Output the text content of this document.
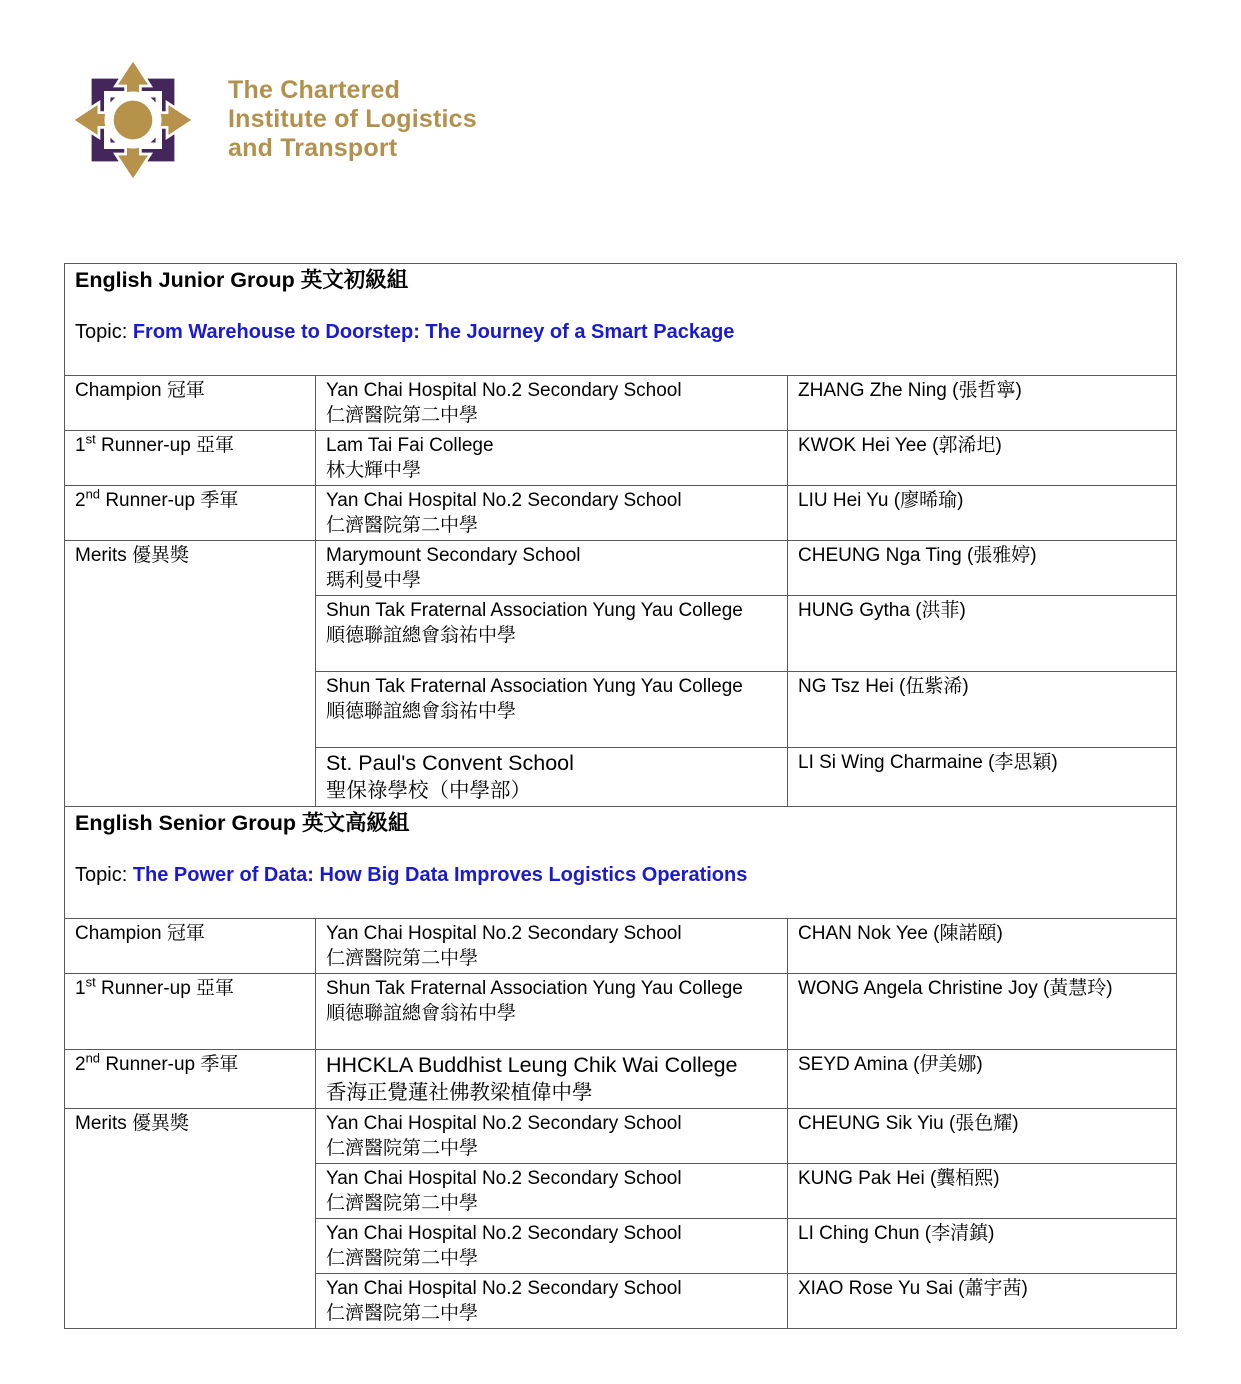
The Chartered
Institute of Logistics
and Transport
English Junior Group 英文初級組
Topic: From Warehouse to Doorstep: The Journey of a Smart Package		

Champion 冠軍	Yan Chai Hospital No.2 Secondary School
仁濟醫院第二中學	ZHANG Zhe Ning (張哲寧)
1st Runner-up 亞軍	Lam Tai Fai College
林大輝中學	KWOK Hei Yee (郭浠圯)
2nd Runner-up 季軍	Yan Chai Hospital No.2 Secondary School
仁濟醫院第二中學	LIU Hei Yu (廖晞瑜)
Merits 優異獎	Marymount Secondary School
瑪利曼中學	CHEUNG Nga Ting (張雅婷)

	Shun Tak Fraternal Association Yung Yau College
順德聯誼總會翁祐中學	HUNG Gytha (洪菲)

	Shun Tak Fraternal Association Yung Yau College
順德聯誼總會翁祐中學	NG Tsz Hei (伍紫浠)

	St. Paul's Convent School
聖保祿學校（中學部）	LI Si Wing Charmaine (李思穎)

English Senior Group 英文高級組
Topic: The Power of Data: How Big Data Improves Logistics Operations		

Champion 冠軍	Yan Chai Hospital No.2 Secondary School
仁濟醫院第二中學	CHAN Nok Yee (陳諾頤)
1st Runner-up 亞軍	Shun Tak Fraternal Association Yung Yau College
順德聯誼總會翁祐中學	WONG Angela Christine Joy (黃慧玲)
2nd Runner-up 季軍	HHCKLA Buddhist Leung Chik Wai College
香海正覺蓮社佛教梁植偉中學	SEYD Amina (伊美娜)
Merits 優異獎	Yan Chai Hospital No.2 Secondary School
仁濟醫院第二中學	CHEUNG Sik Yiu (張色耀)

	Yan Chai Hospital No.2 Secondary School
仁濟醫院第二中學	KUNG Pak Hei (龔栢熙)

	Yan Chai Hospital No.2 Secondary School
仁濟醫院第二中學	LI Ching Chun (李清鎮)

	Yan Chai Hospital No.2 Secondary School
仁濟醫院第二中學	XIAO Rose Yu Sai (蕭宇茜)
